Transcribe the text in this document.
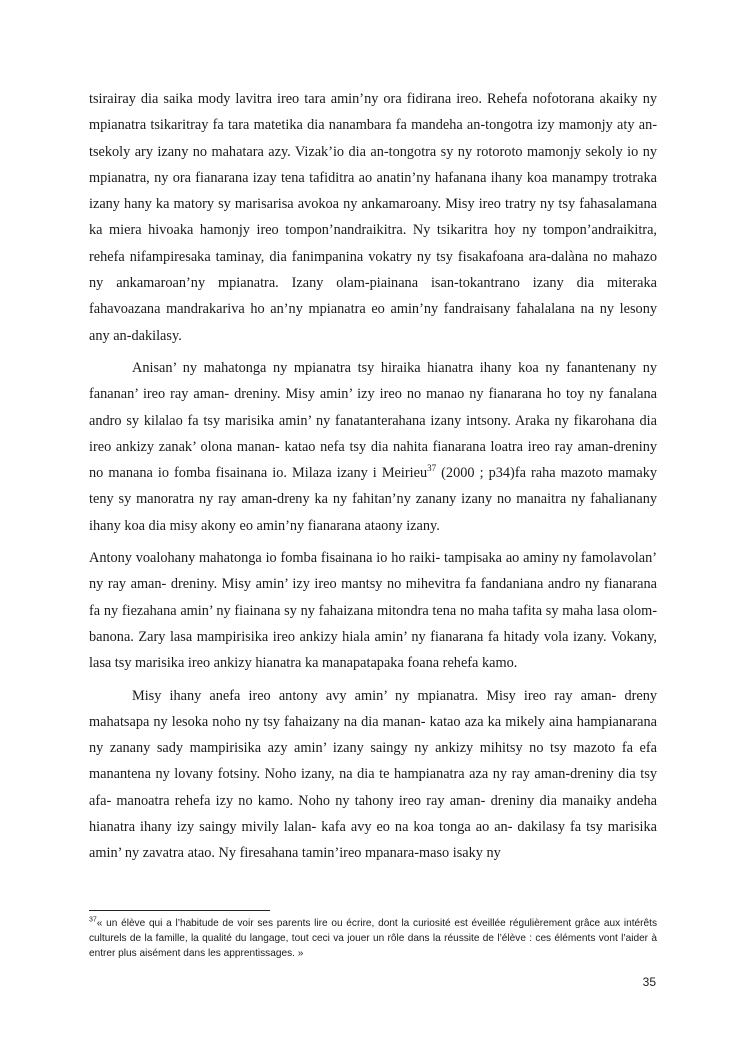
tsirairay dia saika mody lavitra ireo tara amin’ny ora fidirana ireo. Rehefa nofotorana akaiky ny mpianatra tsikaritray fa tara matetika dia nanambara fa mandeha an-tongotra izy mamonjy aty an-tsekoly ary izany no mahatara azy. Vizak’io dia an-tongotra sy ny rotoroto mamonjy sekoly io ny mpianatra, ny ora fianarana izay tena tafiditra ao anatin’ny hafanana ihany koa manampy trotraka izany hany ka matory sy marisarisa avokoa ny ankamaroany. Misy ireo tratry ny tsy fahasalamana ka miera hivoaka hamonjy ireo tompon’nandraikitra. Ny tsikaritra hoy ny tompon’andraikitra, rehefa nifampiresaka taminay, dia fanimpanina vokatry ny tsy fisakafoana ara-dalàna no mahazo ny ankamaroan’ny mpianatra. Izany olam-piainana isan-tokantrano izany dia miteraka fahavoazana mandrakariva ho an’ny mpianatra eo amin’ny fandraisany fahalalana na ny lesony any an-dakilasy.

Anisan’ ny mahatonga ny mpianatra tsy hiraika hianatra ihany koa ny fanantenany ny fananan’ ireo ray aman- dreniny. Misy amin’ izy ireo no manao ny fianarana ho toy ny fanalana andro sy kilalao fa tsy marisika amin’ ny fanatanterahana izany intsony. Araka ny fikarohana dia ireo ankizy zanak’ olona manan- katao nefa tsy dia nahita fianarana loatra ireo ray aman-dreniny no manana io fomba fisainana io. Milaza izany i Meirieu$^{37}$ (2000 ; p34)fa raha mazoto mamaky teny sy manoratra ny ray aman-dreny ka ny fahitan’ny zanany izany no manaitra ny fahalianany ihany koa dia misy akony eo amin’ny fianarana ataony izany.

Antony voalohany mahatonga io fomba fisainana io ho raiki- tampisaka ao aminy ny famolavolan’ ny ray aman- dreniny. Misy amin’ izy ireo mantsy no mihevitra fa fandaniana andro ny fianarana fa ny fiezahana amin’ ny fiainana sy ny fahaizana mitondra tena no maha tafita sy maha lasa olom- banona. Zary lasa mampirisika ireo ankizy hiala amin’ ny fianarana fa hitady vola izany. Vokany, lasa tsy marisika ireo ankizy hianatra ka manapatapaka foana rehefa kamo.

Misy ihany anefa ireo antony avy amin’ ny mpianatra. Misy ireo ray aman- dreny mahatsapa ny lesoka noho ny tsy fahaizany na dia manan- katao aza ka mikely aina hampianarana ny zanany sady mampirisika azy amin’ izany saingy ny ankizy mihitsy no tsy mazoto fa efa manantena ny lovany fotsiny. Noho izany, na dia te hampianatra aza ny ray aman-dreniny dia tsy afa- manoatra rehefa izy no kamo. Noho ny tahony ireo ray aman- dreniny dia manaiky andeha hianatra ihany izy saingy mivily lalan- kafa avy eo na koa tonga ao an- dakilasy fa tsy marisika amin’ ny zavatra atao. Ny firesahana tamin’ireo mpanara-maso isaky ny

$^{37}$« un élève qui a l’habitude de voir ses parents lire ou écrire, dont la curiosité est éveillée régulièrement grâce aux intérêts culturels de la famille, la qualité du langage, tout ceci va jouer un rôle dans la réussite de l’élève : ces éléments vont l’aider à entrer plus aisément dans les apprentissages. »

35
